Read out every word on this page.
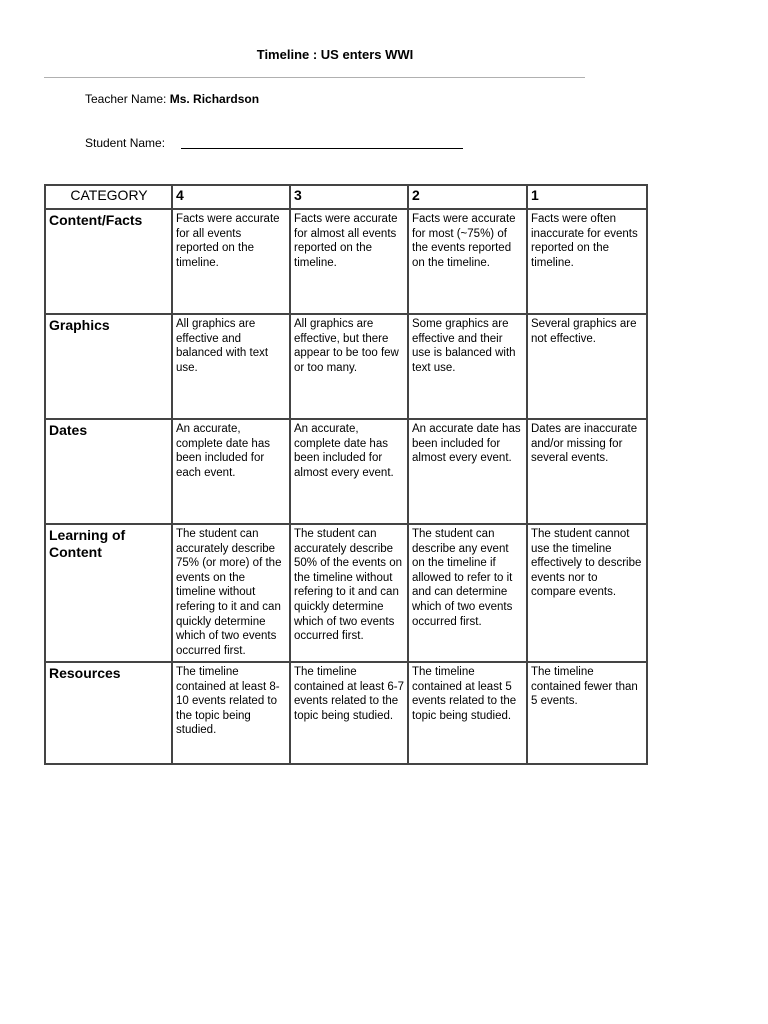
Timeline : US enters WWI
Teacher Name: Ms. Richardson
Student Name:
CATEGORY	4	3	2	1
Content/Facts	Facts were accurate for all events reported on the timeline.	Facts were accurate for almost all events reported on the timeline.	Facts were accurate for most (~75%) of the events reported on the timeline.	Facts were often inaccurate for events reported on the timeline.
Graphics	All graphics are effective and balanced with text use.	All graphics are effective, but there appear to be too few or too many.	Some graphics are effective and their use is balanced with text use.	Several graphics are not effective.
Dates	An accurate, complete date has been included for each event.	An accurate, complete date has been included for almost every event.	An accurate date has been included for almost every event.	Dates are inaccurate and/or missing for several events.
Learning of Content	The student can accurately describe 75% (or more) of the events on the timeline without refering to it and can quickly determine which of two events occurred first.	The student can accurately describe 50% of the events on the timeline without refering to it and can quickly determine which of two events occurred first.	The student can describe any event on the timeline if allowed to refer to it and can determine which of two events occurred first.	The student cannot use the timeline effectively to describe events nor to compare events.
Resources	The timeline contained at least 8-10 events related to the topic being studied.	The timeline contained at least 6-7 events related to the topic being studied.	The timeline contained at least 5 events related to the topic being studied.	The timeline contained fewer than 5 events.
